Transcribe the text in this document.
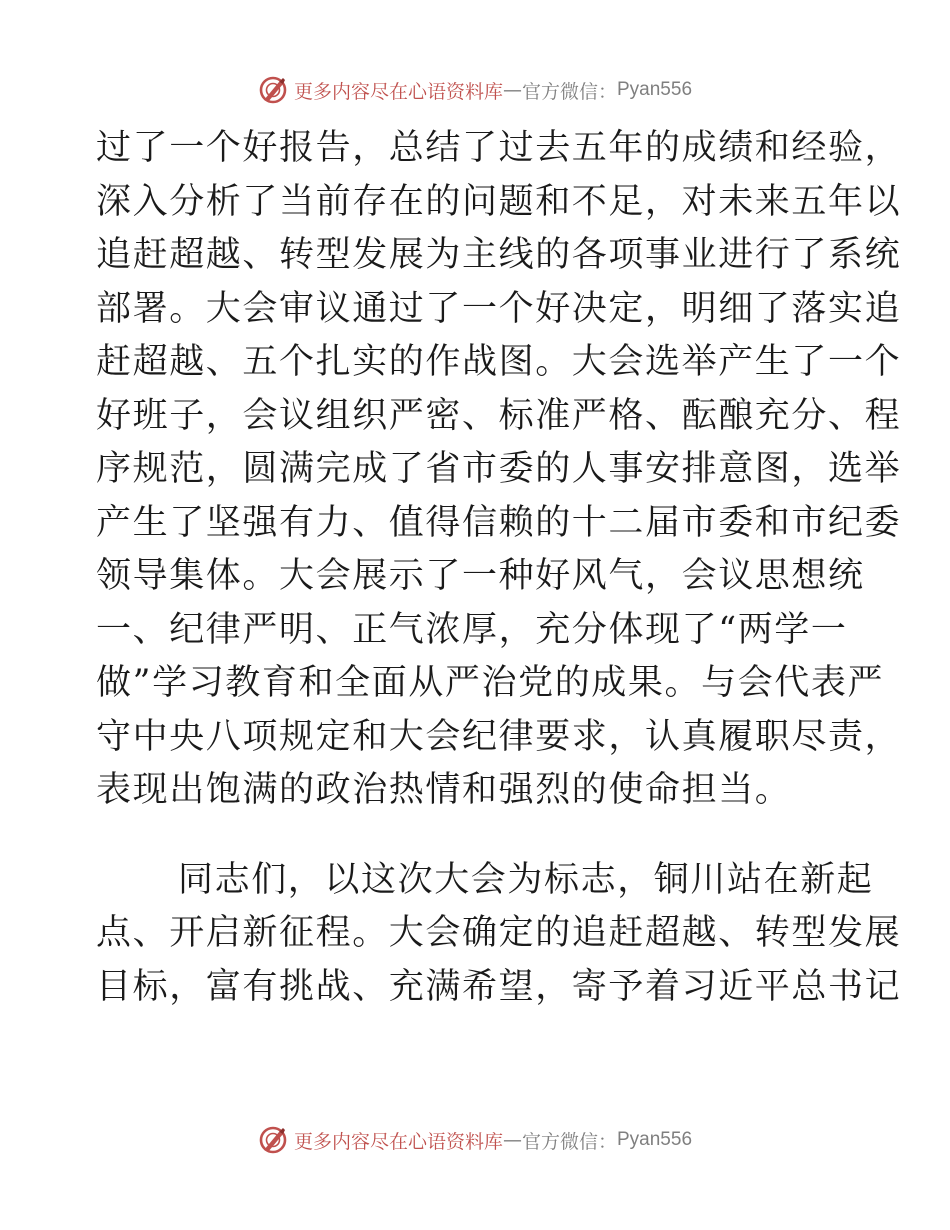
更多内容尽在心语资料库 — 官方微信： Pyan556
过了一个好报告，总结了过去五年的成绩和经验，
深入分析了当前存在的问题和不足，对未来五年以
追赶超越、转型发展为主线的各项事业进行了系统
部署。大会审议通过了一个好决定，明细了落实追
赶超越、五个扎实的作战图。大会选举产生了一个
好班子，会议组织严密、标准严格、酝酿充分、程
序规范，圆满完成了省市委的人事安排意图，选举
产生了坚强有力、值得信赖的十二届市委和市纪委
领导集体。大会展示了一种好风气，会议思想统
一、纪律严明、正气浓厚，充分体现了“两学一
做”学习教育和全面从严治党的成果。与会代表严
守中央八项规定和大会纪律要求，认真履职尽责，
表现出饱满的政治热情和强烈的使命担当。
同志们，以这次大会为标志，铜川站在新起
点、开启新征程。大会确定的追赶超越、转型发展
目标，富有挑战、充满希望，寄予着习近平总书记
更多内容尽在心语资料库 — 官方微信： Pyan556
